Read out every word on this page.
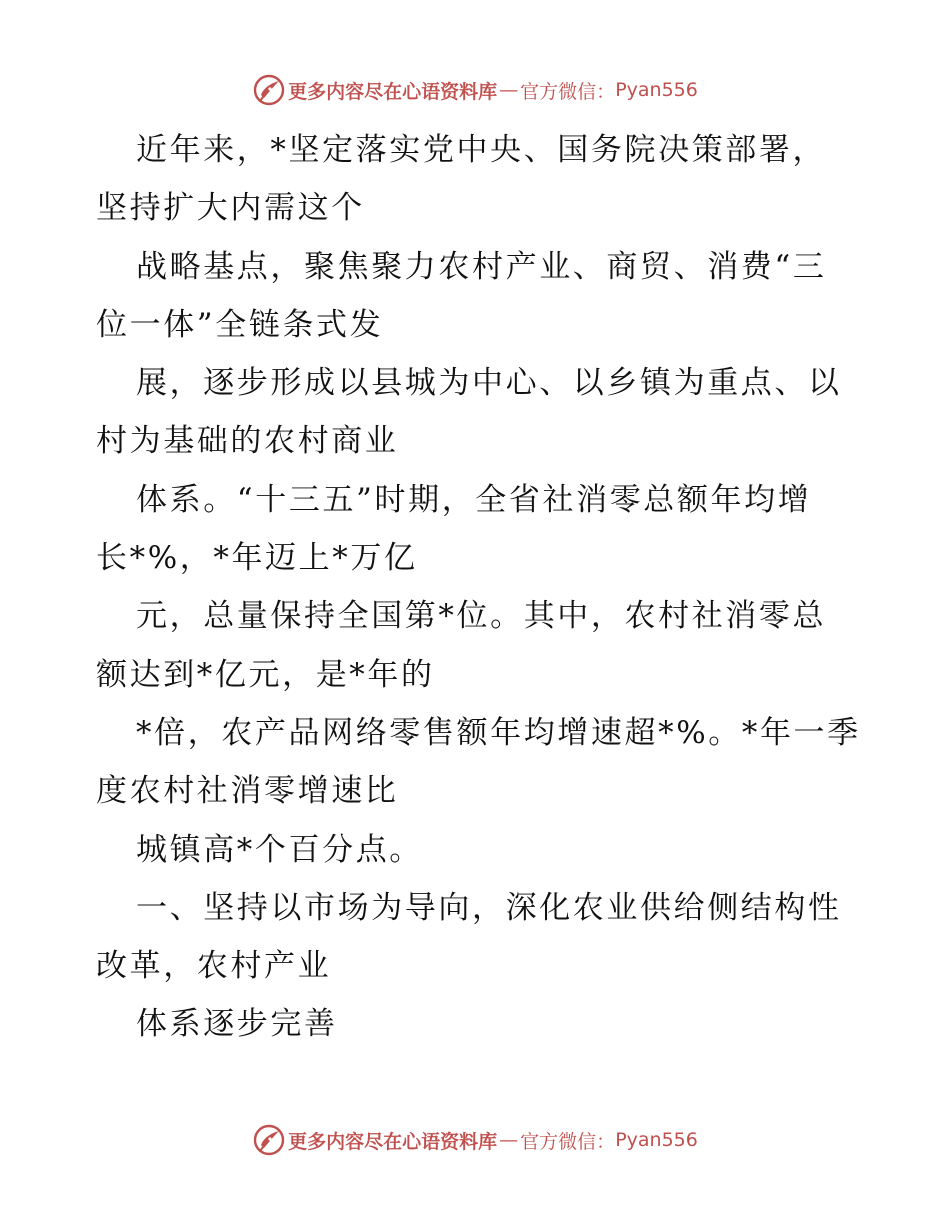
更多内容尽在心语资料库 — 官方微信： Pyan556
近年来，*坚定落实党中央、国务院决策部署，
坚持扩大内需这个
战略基点，聚焦聚力农村产业、商贸、消费“三
位一体”全链条式发
展，逐步形成以县城为中心、以乡镇为重点、以
村为基础的农村商业
体系。“十三五”时期，全省社消零总额年均增
长*%，*年迈上*万亿
元，总量保持全国第*位。其中，农村社消零总
额达到*亿元，是*年的
*倍，农产品网络零售额年均增速超*%。*年一季
度农村社消零增速比
城镇高*个百分点。
一、坚持以市场为导向，深化农业供给侧结构性
改革，农村产业
体系逐步完善
更多内容尽在心语资料库 — 官方微信： Pyan556
